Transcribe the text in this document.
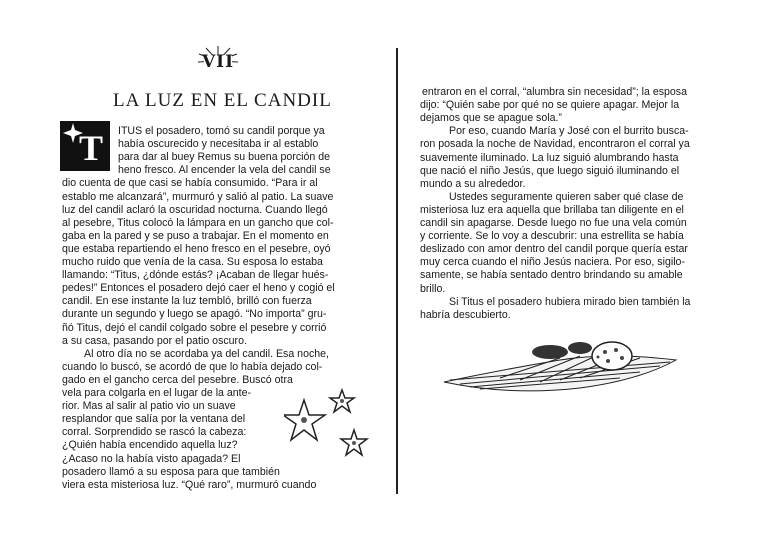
VII
LA LUZ EN EL CANDIL
T ITUS el posadero, tomó su candil porque ya
había oscurecido y necesitaba ir al establo
para dar al buey Remus su buena porción de
heno fresco. Al encender la vela del candil se
dio cuenta de que casi se había consumido. “Para ir al
establo me alcanzará”, murmuró y salió al patio. La suave
luz del candil aclaró la oscuridad nocturna. Cuando llegó
al pesebre, Titus colocó la lámpara en un gancho que col-
gaba en la pared y se puso a trabajar. En el momento en
que estaba repartiendo el heno fresco en el pesebre, oyó
mucho ruido que venía de la casa. Su esposa lo estaba
llamando: “Titus, ¿dónde estás? ¡Acaban de llegar hués-
pedes!” Entonces el posadero dejó caer el heno y cogió el
candil. En ese instante la luz tembló, brilló con fuerza
durante un segundo y luego se apagó. “No importa” gru-
ñó Titus, dejó el candil colgado sobre el pesebre y corrió
a su casa, pasando por el patio oscuro.
Al otro día no se acordaba ya del candil. Esa noche,
cuando lo buscó, se acordó de que lo había dejado col-
gado en el gancho cerca del pesebre. Buscó otra
vela para colgarla en el lugar de la ante-
rior. Mas al salir al patio vio un suave
resplandor que salía por la ventana del
corral. Sorprendido se rascó la cabeza:
¿Quién había encendido aquella luz?
¿Acaso no la había visto apagada? El
posadero llamó a su esposa para que también
viera esta misteriosa luz. “Qué raro”, murmuró cuando
entraron en el corral, “alumbra sin necesidad”; la esposa
dijo: “Quién sabe por qué no se quiere apagar. Mejor la
dejamos que se apague sola.”
Por eso, cuando María y José con el burrito busca-
ron posada la noche de Navidad, encontraron el corral ya
suavemente iluminado. La luz siguió alumbrando hasta
que nació el niño Jesús, que luego siguió iluminando el
mundo a su alrededor.
Ustedes seguramente quieren saber qué clase de
misteriosa luz era aquella que brillaba tan diligente en el
candil sin apagarse. Desde luego no fue una vela común
y corriente. Se lo voy a descubrir: una estrellita se había
deslizado con amor dentro del candil porque quería estar
muy cerca cuando el niño Jesús naciera. Por eso, sigilo-
samente, se había sentado dentro brindando su amable
brillo.
Si Titus el posadero hubiera mirado bien también la
habría descubierto.
